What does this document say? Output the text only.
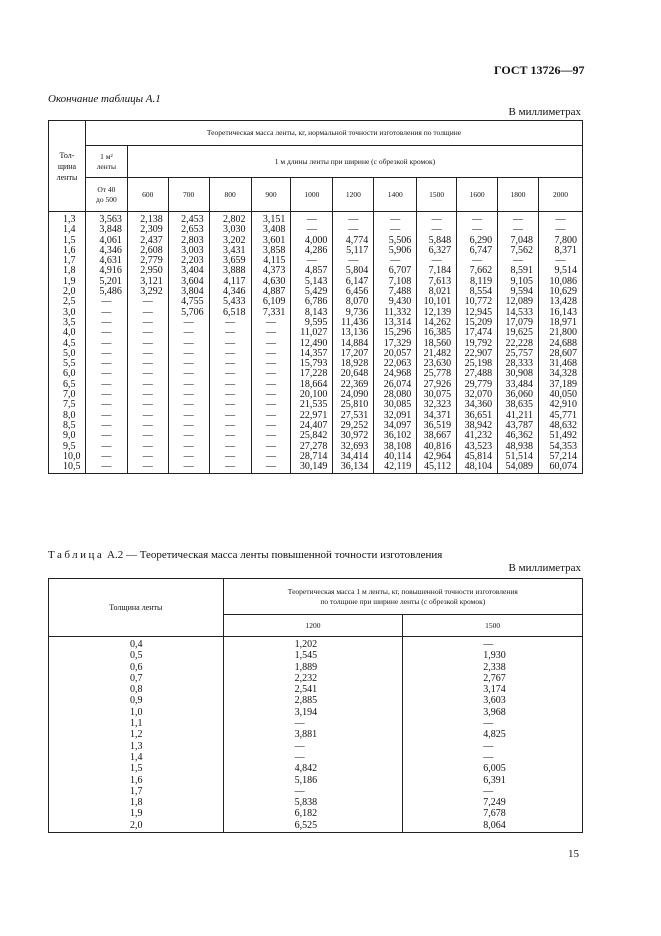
ГОСТ 13726—97
Окончание таблицы А.1
В миллиметрах
Тол-
щина
ленты	Теоретическая масса ленты, кг, нормальной точности изготовления по толщине											
	1 м²
ленты	1 м длины ленты при ширине (с обрезкой кромок)										
	От 40
до 500	600	700	800	900	1000	1200	1400	1500	1600	1800	2000
1,3	3,563	2,138	2,453	2,802	3,151	—	—	—	—	—	—	—
1,4	3,848	2,309	2,653	3,030	3,408	—	—	—	—	—	—	—
1,5	4,061	2,437	2,803	3,202	3,601	4,000	4,774	5,506	5,848	6,290	7,048	7,800
1,6	4,346	2,608	3,003	3,431	3,858	4,286	5,117	5,906	6,327	6,747	7,562	8,371
1,7	4,631	2,779	2,203	3,659	4,115	—	—	—	—	—	—	—
1,8	4,916	2,950	3,404	3,888	4,373	4,857	5,804	6,707	7,184	7,662	8,591	9,514
1,9	5,201	3,121	3,604	4,117	4,630	5,143	6,147	7,108	7,613	8,119	9,105	10,086
2,0	5,486	3,292	3,804	4,346	4,887	5,429	6,456	7,488	8,021	8,554	9,594	10,629
2,5	—	—	4,755	5,433	6,109	6,786	8,070	9,430	10,101	10,772	12,089	13,428
3,0	—	—	5,706	6,518	7,331	8,143	9,736	11,332	12,139	12,945	14,533	16,143
3,5	—	—	—	—	—	9,595	11,436	13,314	14,262	15,209	17,079	18,971
4,0	—	—	—	—	—	11,027	13,136	15,296	16,385	17,474	19,625	21,800
4,5	—	—	—	—	—	12,490	14,884	17,329	18,560	19,792	22,228	24,688
5,0	—	—	—	—	—	14,357	17,207	20,057	21,482	22,907	25,757	28,607
5,5	—	—	—	—	—	15,793	18,928	22,063	23,630	25,198	28,333	31,468
6,0	—	—	—	—	—	17,228	20,648	24,968	25,778	27,488	30,908	34,328
6,5	—	—	—	—	—	18,664	22,369	26,074	27,926	29,779	33,484	37,189
7,0	—	—	—	—	—	20,100	24,090	28,080	30,075	32,070	36,060	40,050
7,5	—	—	—	—	—	21,535	25,810	30,085	32,323	34,360	38,635	42,910
8,0	—	—	—	—	—	22,971	27,531	32,091	34,371	36,651	41,211	45,771
8,5	—	—	—	—	—	24,407	29,252	34,097	36,519	38,942	43,787	48,632
9,0	—	—	—	—	—	25,842	30,972	36,102	38,667	41,232	46,362	51,492
9,5	—	—	—	—	—	27,278	32,693	38,108	40,816	43,523	48,938	54,353
10,0	—	—	—	—	—	28,714	34,414	40,114	42,964	45,814	51,514	57,214
10,5	—	—	—	—	—	30,149	36,134	42,119	45,112	48,104	54,089	60,074
Таблица А.2 — Теоретическая масса ленты повышенной точности изготовления
В миллиметрах
Толщина ленты	Теоретическая масса 1 м ленты, кг, повышенной точности изготовления
по толщине при ширине ленты (с обрезкой кромок)	
	1200	1500
0,4	1,202	—
0,5	1,545	1,930
0,6	1,889	2,338
0,7	2,232	2,767
0,8	2,541	3,174
0,9	2,885	3,603
1,0	3,194	3,968
1,1	—	—
1,2	3,881	4,825
1,3	—	—
1,4	—	—
1,5	4,842	6,005
1,6	5,186	6,391
1,7	—	—
1,8	5,838	7,249
1,9	6,182	7,678
2,0	6,525	8,064
15
